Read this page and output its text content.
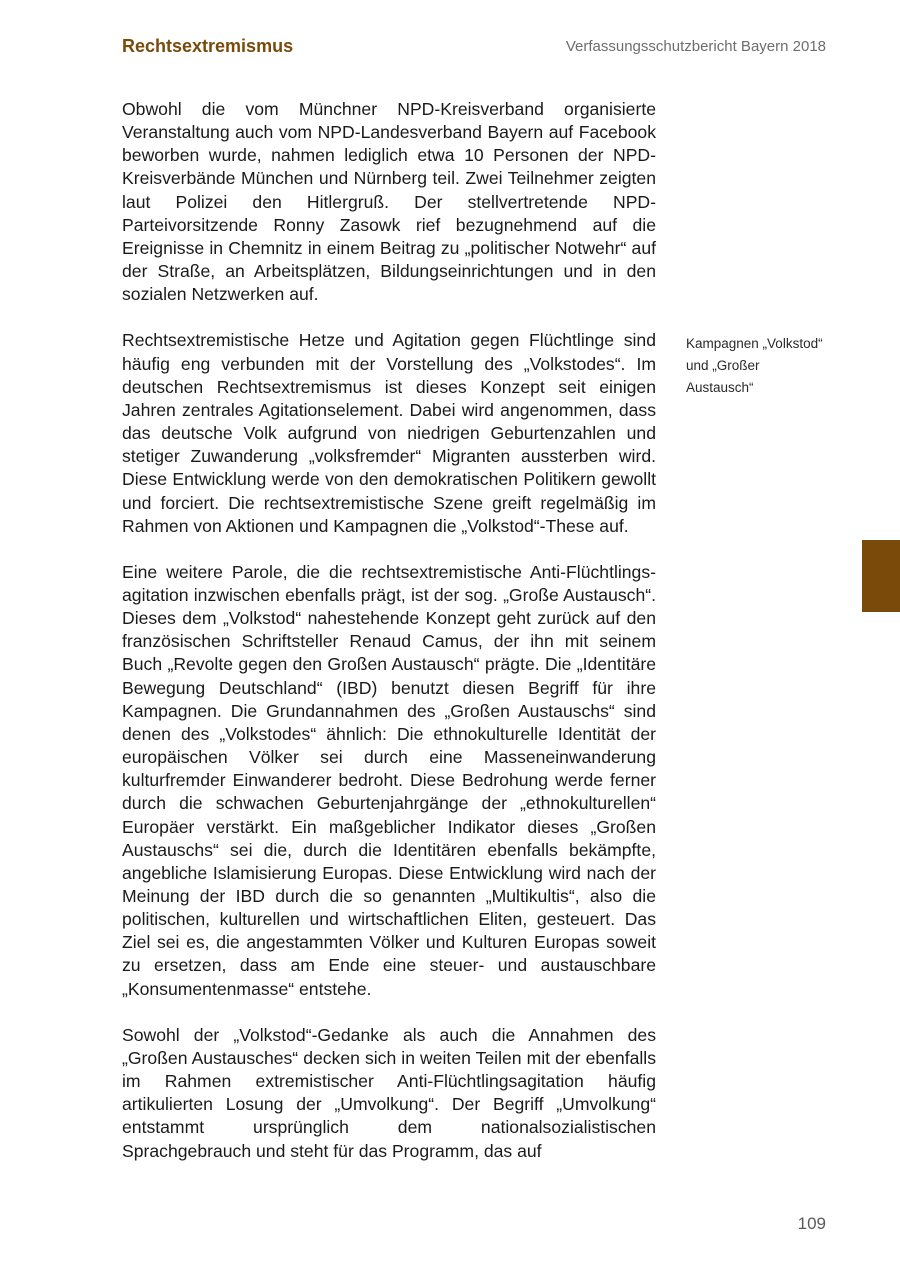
Rechtsextremismus	Verfassungsschutzbericht Bayern 2018

Obwohl die vom Münchner NPD-Kreisverband organisierte Veranstaltung auch vom NPD-Landesverband Bayern auf Facebook beworben wurde, nahmen lediglich etwa 10 Personen der NPD-Kreisverbände München und Nürnberg teil. Zwei Teilnehmer zeigten laut Polizei den Hitlergruß. Der stellvertretende NPD-Parteivorsitzende Ronny Zasowk rief bezugnehmend auf die Ereignisse in Chemnitz in einem Beitrag zu „politischer Notwehr“ auf der Straße, an Arbeitsplätzen, Bildungseinrichtungen und in den sozialen Netzwerken auf.

Rechtsextremistische Hetze und Agitation gegen Flüchtlinge sind häufig eng verbunden mit der Vorstellung des „Volkstodes“. Im deutschen Rechtsextremismus ist dieses Konzept seit einigen Jahren zentrales Agitationselement. Dabei wird angenommen, dass das deutsche Volk aufgrund von niedrigen Geburtenzahlen und stetiger Zuwanderung „volksfremder“ Migranten aussterben wird. Diese Entwicklung werde von den demokratischen Politikern gewollt und forciert. Die rechtsextremistische Szene greift regelmäßig im Rahmen von Aktionen und Kampagnen die „Volkstod“-These auf.

Eine weitere Parole, die die rechtsextremistische Anti-Flüchtlingsagitation inzwischen ebenfalls prägt, ist der sog. „Große Austausch“. Dieses dem „Volkstod“ nahestehende Konzept geht zurück auf den französischen Schriftsteller Renaud Camus, der ihn mit seinem Buch „Revolte gegen den Großen Austausch“ prägte. Die „Identitäre Bewegung Deutschland“ (IBD) benutzt diesen Begriff für ihre Kampagnen. Die Grundannahmen des „Großen Austauschs“ sind denen des „Volkstodes“ ähnlich: Die ethnokulturelle Identität der europäischen Völker sei durch eine Masseneinwanderung kulturfremder Einwanderer bedroht. Diese Bedrohung werde ferner durch die schwachen Geburtenjahrgänge der „ethnokulturellen“ Europäer verstärkt. Ein maßgeblicher Indikator dieses „Großen Austauschs“ sei die, durch die Identitären ebenfalls bekämpfte, angebliche Islamisierung Europas. Diese Entwicklung wird nach der Meinung der IBD durch die so genannten „Multikultis“, also die politischen, kulturellen und wirtschaftlichen Eliten, gesteuert. Das Ziel sei es, die angestammten Völker und Kulturen Europas soweit zu ersetzen, dass am Ende eine steuer- und austauschbare „Konsumentenmasse“ entstehe.

Sowohl der „Volkstod“-Gedanke als auch die Annahmen des „Großen Austausches“ decken sich in weiten Teilen mit der ebenfalls im Rahmen extremistischer Anti-Flüchtlingsagitation häufig artikulierten Losung der „Umvolkung“. Der Begriff „Umvolkung“ entstammt ursprünglich dem nationalsozialistischen Sprachgebrauch und steht für das Programm, das auf

Kampagnen „Volkstod“ und „Großer Austausch“
109
